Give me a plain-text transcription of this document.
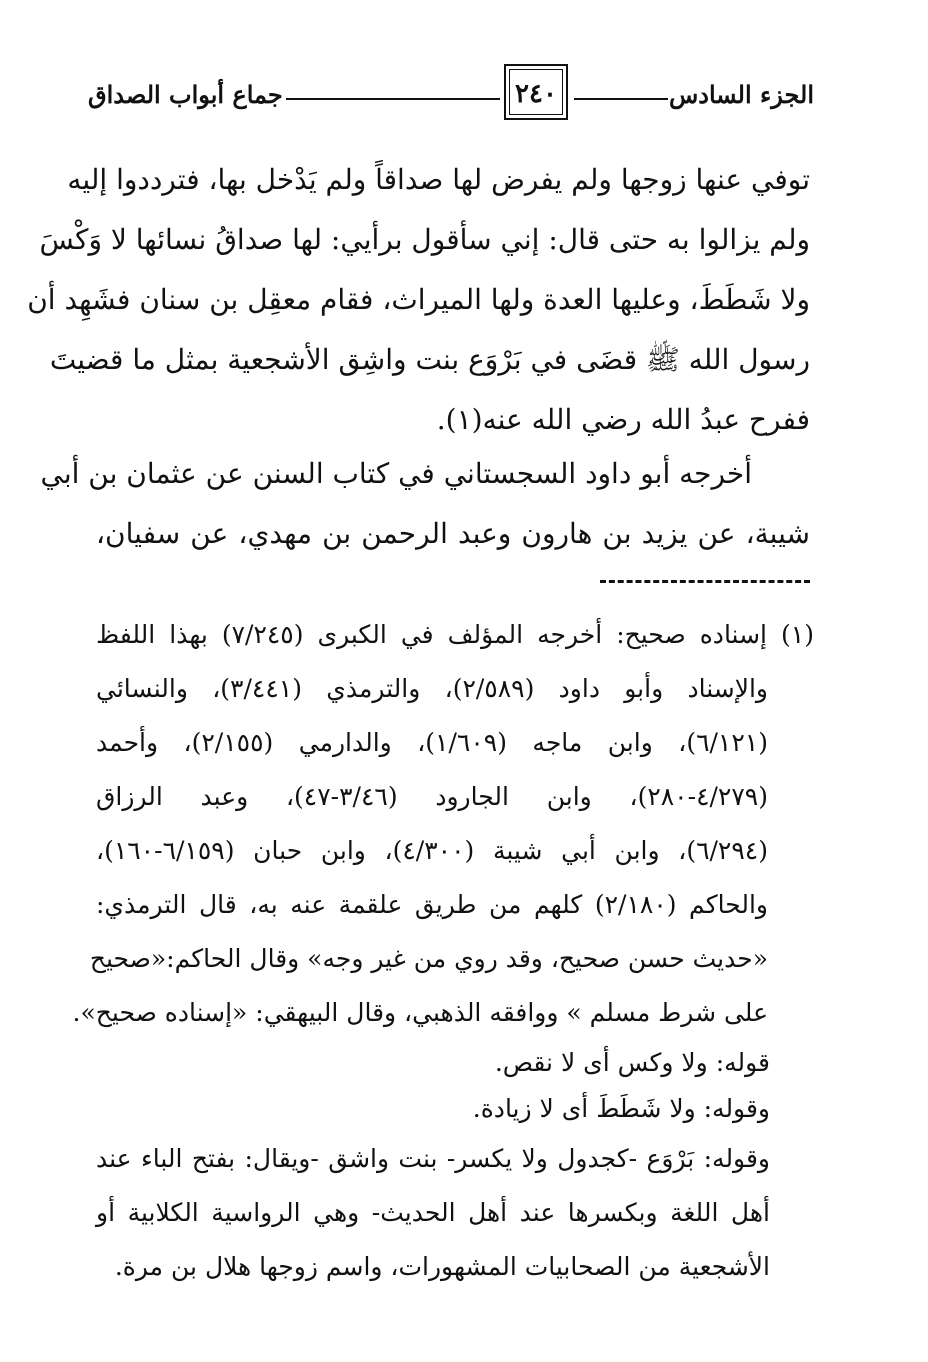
الجزء السادس
٢٤٠
جماع أبواب الصداق
توفي عنها زوجها ولم يفرض لها صداقاً ولم يَدْخل بها، فترددوا إليه
ولم يزالوا به حتى قال: إني سأقول برأيي: لها صداقُ نسائها لا وَكْسَ
ولا شَطَطَ، وعليها العدة ولها الميراث، فقام معقِل بن سنان فشَهِد أن
رسول الله ﷺ قضَى في بَرْوَع بنت واشِق الأشجعية بمثل ما قضيتَ
ففرح عبدُ الله رضي الله عنه(١).
أخرجه أبو داود السجستاني في كتاب السنن عن عثمان بن أبي
شيبة، عن يزيد بن هارون وعبد الرحمن بن مهدي، عن سفيان،
(١) إسناده صحيح: أخرجه المؤلف في الكبرى (٧/٢٤٥) بهذا اللفظ
والإسناد وأبو داود (٢/٥٨٩)، والترمذي (٣/٤٤١)، والنسائي
(٦/١٢١)، وابن ماجه (١/٦٠٩)، والدارمي (٢/١٥٥)، وأحمد
(٤/٢٧٩-٢٨٠)، وابن الجارود (٣/٤٦-٤٧)، وعبد الرزاق
(٦/٢٩٤)، وابن أبي شيبة (٤/٣٠٠)، وابن حبان (٦/١٥٩-١٦٠)،
والحاكم (٢/١٨٠) كلهم من طريق علقمة عنه به، قال الترمذي:
«حديث حسن صحيح، وقد روي من غير وجه» وقال الحاكم:«صحيح
على شرط مسلم » ووافقه الذهبي، وقال البيهقي: «إسناده صحيح».
قوله: ولا وكس أى لا نقص.
وقوله: ولا شَطَطَ أى لا زيادة.
وقوله: بَرْوَع -كجدول ولا يكسر- بنت واشق -ويقال: بفتح الباء عند
أهل اللغة وبكسرها عند أهل الحديث- وهي الرواسية الكلابية أو
الأشجعية من الصحابيات المشهورات، واسم زوجها هلال بن مرة.
